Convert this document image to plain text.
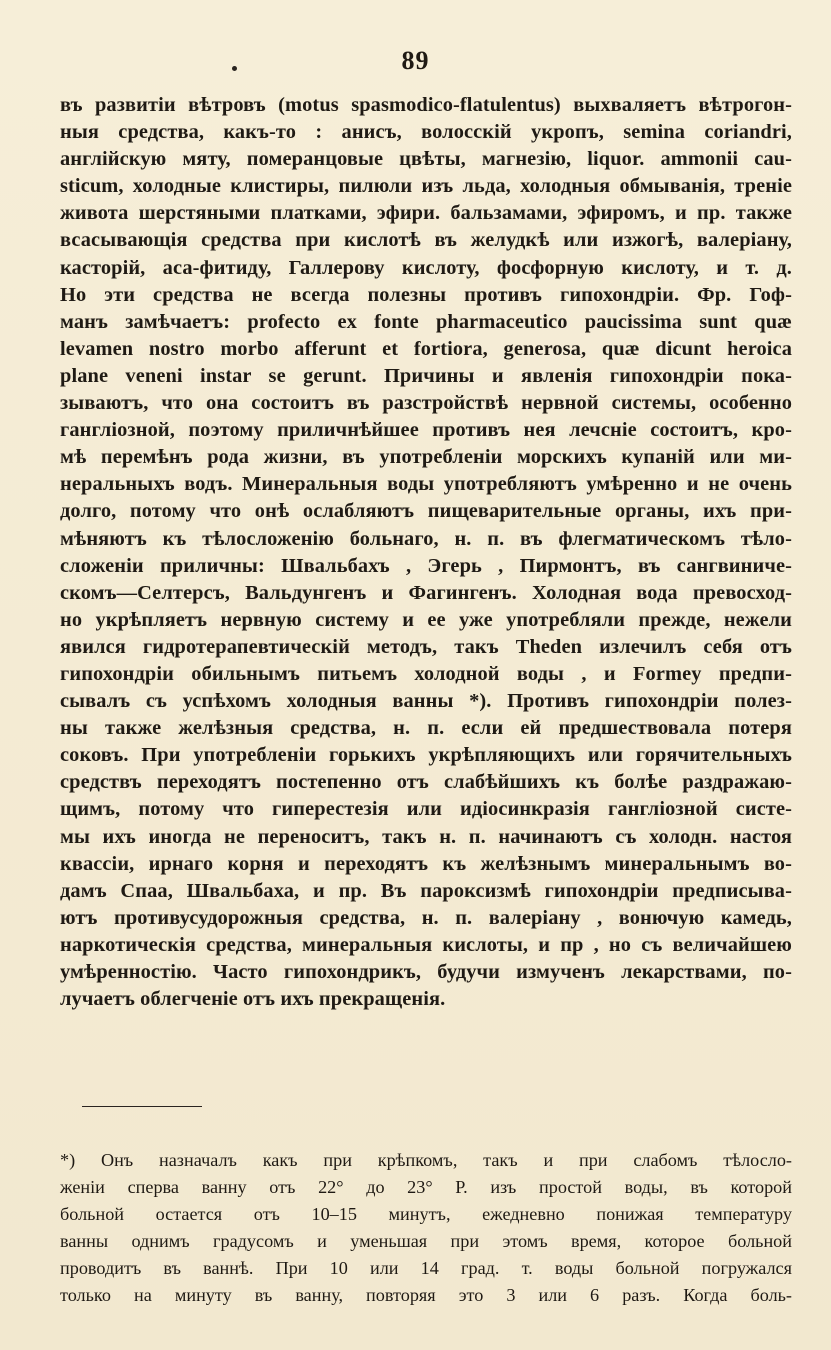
89
въ развитіи вѣтровъ (motus spasmodico-flatulentus) выхваляетъ вѣтрогон-
ныя средства, какъ-то : анисъ, волосскій укропъ, semina coriandri,
англійскую мяту, померанцовые цвѣты, магнезію, liquor. ammonii cau-
sticum, холодные клистиры, пилюли изъ льда, холодныя обмыванія, треніе
живота шерстяными платками, эфири. бальзамами, эфиромъ, и пр. также
всасывающія средства при кислотѣ въ желудкѣ или изжогѣ, валеріану,
касторій, аса-фитиду, Галлерову кислоту, фосфорную кислоту, и т. д.
Но эти средства не всегда полезны противъ гипохондріи. Фр. Гоф-
манъ замѣчаетъ: profecto ex fonte pharmaceutico paucissima sunt quæ
levamen nostro morbo afferunt et fortiora, generosa, quæ dicunt heroica
plane veneni instar se gerunt. Причины и явленія гипохондріи пока-
зываютъ, что она состоитъ въ разстройствѣ нервной системы, особенно
гангліозной, поэтому приличнѣйшее противъ нея лечсніе состоитъ, кро-
мѣ перемѣнъ рода жизни, въ употребленіи морскихъ купаній или ми-
неральныхъ водъ. Минеральныя воды употребляютъ умѣренно и не очень
долго, потому что онѣ ослабляютъ пищеварительные органы, ихъ при-
мѣняютъ къ тѣлосложенію больнаго, н. п. въ флегматическомъ тѣло-
сложеніи приличны: Швальбахъ , Эгерь , Пирмонтъ, въ сангвиниче-
скомъ—Селтерсъ, Вальдунгенъ и Фагингенъ. Холодная вода превосход-
но укрѣпляетъ нервную систему и ее уже употребляли прежде, нежели
явился гидротерапевтическій методъ, такъ Theden излечилъ себя отъ
гипохондріи обильнымъ питьемъ холодной воды , и Formey предпи-
сывалъ съ успѣхомъ холодныя ванны *). Противъ гипохондріи полез-
ны также желѣзныя средства, н. п. если ей предшествовала потеря
соковъ. При употребленіи горькихъ укрѣпляющихъ или горячительныхъ
средствъ переходятъ постепенно отъ слабѣйшихъ къ болѣе раздражаю-
щимъ, потому что гиперестезія или идіосинкразія гангліозной систе-
мы ихъ иногда не переноситъ, такъ н. п. начинаютъ съ холодн. настоя
квассіи, ирнаго корня и переходятъ къ желѣзнымъ минеральнымъ во-
дамъ Спаа, Швальбаха, и пр. Въ пароксизмѣ гипохондріи предписыва-
ютъ противусудорожныя средства, н. п. валеріану , вонючую камедь,
наркотическія средства, минеральныя кислоты, и пр , но съ величайшею
умѣренностію. Часто гипохондрикъ, будучи измученъ лекарствами, по-
лучаетъ облегченіе отъ ихъ прекращенія.
*) Онъ назначалъ какъ при крѣпкомъ, такъ и при слабомъ тѣлосло-
женіи сперва ванну отъ 22° до 23° Р. изъ простой воды, въ которой
больной остается отъ 10–15 минутъ, ежедневно понижая температуру
ванны однимъ градусомъ и уменьшая при этомъ время, которое больной
проводитъ въ ваннѣ. При 10 или 14 град. т. воды больной погружался
только на минуту въ ванну, повторяя это 3 или 6 разъ. Когда боль-
